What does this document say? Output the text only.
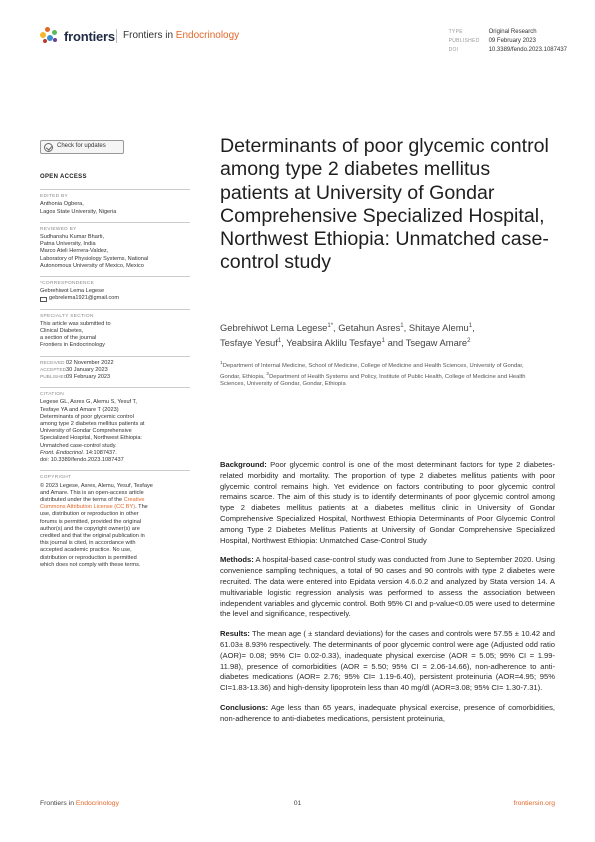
frontiers Frontiers in Endocrinology	TYPE	Original Research
PUBLISHED 09 February 2023
DOI	10.3389/fendo.2023.1087437
Check for updates
OPEN ACCESS
EDITED BY
Anthonia Ogbera,
Lagos State University, Nigeria
REVIEWED BY
Sudhanshu Kumar Bharti,
Patna University, India
Marco Ateli Herrera-Valdez,
Laboratory of Physiology Systems, National
Autonomous University of Mexico, Mexico
*CORRESPONDENCE
Gebrehiwot Lema Legese
gebrelema1921@gmail.com
SPECIALTY SECTION
This article was submitted to
Clinical Diabetes,
a section of the journal
Frontiers in Endocrinology
RECEIVED02 November 2022
ACCEPTED30 January 2023
PUBLISHED09 February 2023
CITATION
Legese GL, Asres G, Alemu S, Yesuf T,
Tesfaye YA and Amare T (2023)
Determinants of poor glycemic control
among type 2 diabetes mellitus patients at
University of Gondar Comprehensive
Specialized Hospital, Northwest Ethiopia:
Unmatched case-control study.
Front. Endocrinol. 14:1087437.
doi: 10.3389/fendo.2023.1087437
COPYRIGHT
© 2023 Legese, Asres, Alemu, Yesuf, Tesfaye
and Amare. This is an open-access article
distributed under the terms of the Creative
Commons Attribution License (CC BY). The
use, distribution or reproduction in other
forums is permitted, provided the original
author(s) and the copyright owner(s) are
credited and that the original publication in
this journal is cited, in accordance with
accepted academic practice. No use,
distribution or reproduction is permitted
which does not comply with these terms.
Determinants of poor glycemic control among type 2 diabetes mellitus patients at University of Gondar Comprehensive Specialized Hospital, Northwest Ethiopia: Unmatched case-control study
Gebrehiwot Lema Legese$^{1*}$, Getahun Asres$^1$, Shitaye Alemu$^1$,
Tesfaye Yesuf$^1$, Yeabsira Aklilu Tesfaye$^1$ and Tsegaw Amare$^2$
$^1$Department of Internal Medicine, School of Medicine, College of Medicine and Health Sciences, University of Gondar, Gondar, Ethiopia, $^2$Department of Health Systems and Policy, Institute of Public Health, College of Medicine and Health Sciences, University of Gondar, Gondar, Ethiopia

Background: Poor glycemic control is one of the most determinant factors for type 2 diabetes-related morbidity and mortality. The proportion of type 2 diabetes mellitus patients with poor glycemic control remains high. Yet evidence on factors contributing to poor glycemic control remains scarce. The aim of this study is to identify determinants of poor glycemic control among type 2 diabetes mellitus patients at a diabetes mellitus clinic in University of Gondar Comprehensive Specialized Hospital, Northwest Ethiopia Determinants of Poor Glycemic Control among Type 2 Diabetes Mellitus Patients at University of Gondar Comprehensive Specialized Hospital, Northwest Ethiopia: Unmatched Case-Control Study

Methods: A hospital-based case-control study was conducted from June to September 2020. Using convenience sampling techniques, a total of 90 cases and 90 controls with type 2 diabetes were recruited. The data were entered into Epidata version 4.6.0.2 and analyzed by Stata version 14. A multivariable logistic regression analysis was performed to assess the association between independent variables and glycemic control. Both 95% CI and p-value<0.05 were used to determine the level and significance, respectively.

Results: The mean age ( ± standard deviations) for the cases and controls were 57.55 ± 10.42 and 61.03± 8.93% respectively. The determinants of poor glycemic control were age (Adjusted odd ratio (AOR)= 0.08; 95% CI= 0.02-0.33), inadequate physical exercise (AOR = 5.05; 95% CI = 1.99-11.98), presence of comorbidities (AOR = 5.50; 95% CI = 2.06-14.66), non-adherence to anti-diabetes medications (AOR= 2.76; 95% CI= 1.19-6.40), persistent proteinuria (AOR=4.95; 95% CI=1.83-13.36) and high-density lipoprotein less than 40 mg/dl (AOR=3.08; 95% CI= 1.30-7.31).

Conclusions: Age less than 65 years, inadequate physical exercise, presence of comorbidities, non-adherence to anti-diabetes medications, persistent proteinuria,

Frontiers in Endocrinology	01	frontiersin.org
